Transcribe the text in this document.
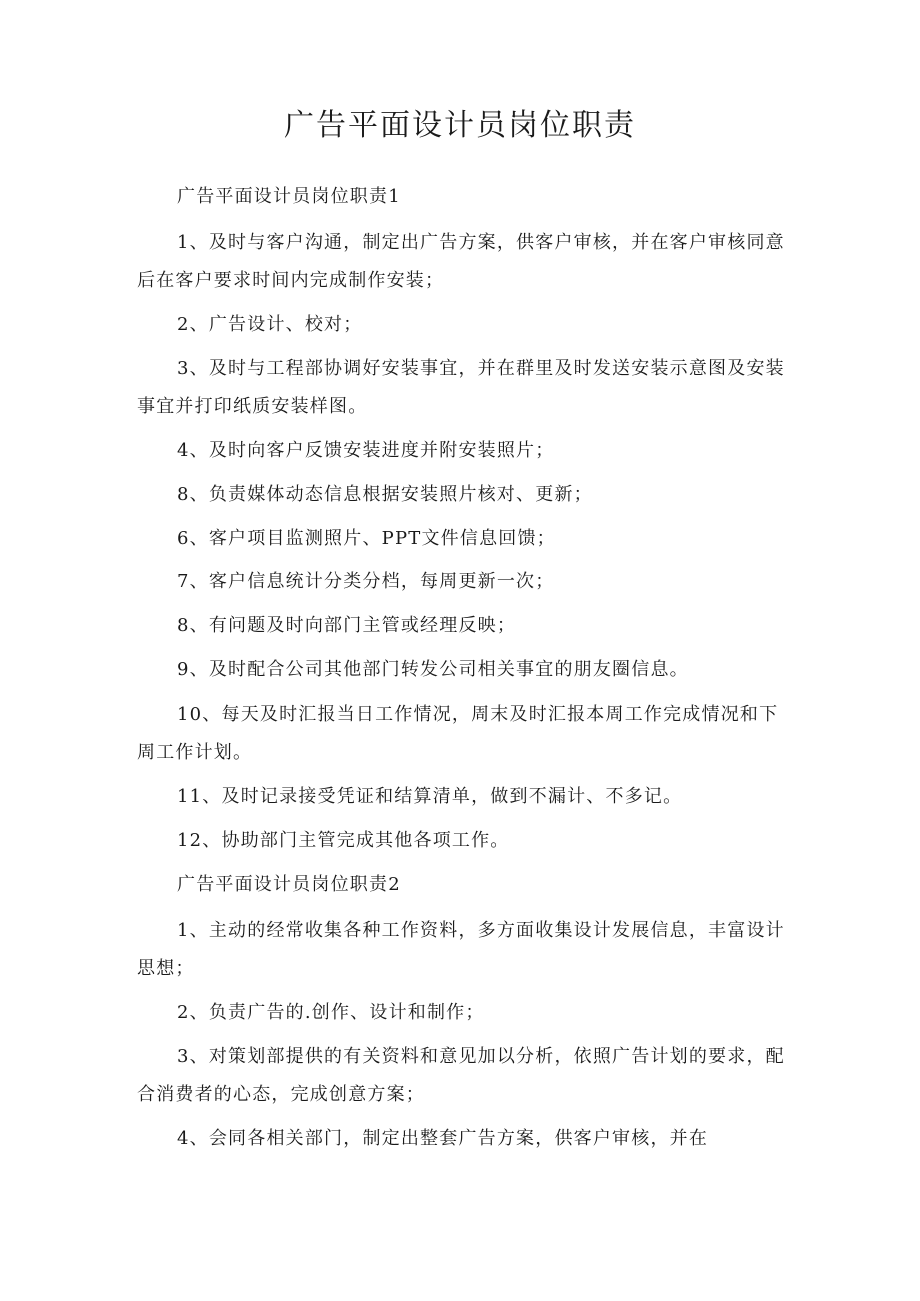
广告平面设计员岗位职责

广告平面设计员岗位职责1

1、及时与客户沟通，制定出广告方案，供客户审核，并在客户审核同意后在客户要求时间内完成制作安装；

2、广告设计、校对；

3、及时与工程部协调好安装事宜，并在群里及时发送安装示意图及安装事宜并打印纸质安装样图。

4、及时向客户反馈安装进度并附安装照片；

8、负责媒体动态信息根据安装照片核对、更新；

6、客户项目监测照片、PPT文件信息回馈；

7、客户信息统计分类分档，每周更新一次；

8、有问题及时向部门主管或经理反映；

9、及时配合公司其他部门转发公司相关事宜的朋友圈信息。

10、每天及时汇报当日工作情况，周末及时汇报本周工作完成情况和下周工作计划。

11、及时记录接受凭证和结算清单，做到不漏计、不多记。

12、协助部门主管完成其他各项工作。

广告平面设计员岗位职责2

1、主动的经常收集各种工作资料，多方面收集设计发展信息，丰富设计思想；

2、负责广告的.创作、设计和制作；

3、对策划部提供的有关资料和意见加以分析，依照广告计划的要求，配合消费者的心态，完成创意方案；

4、会同各相关部门，制定出整套广告方案，供客户审核，并在
